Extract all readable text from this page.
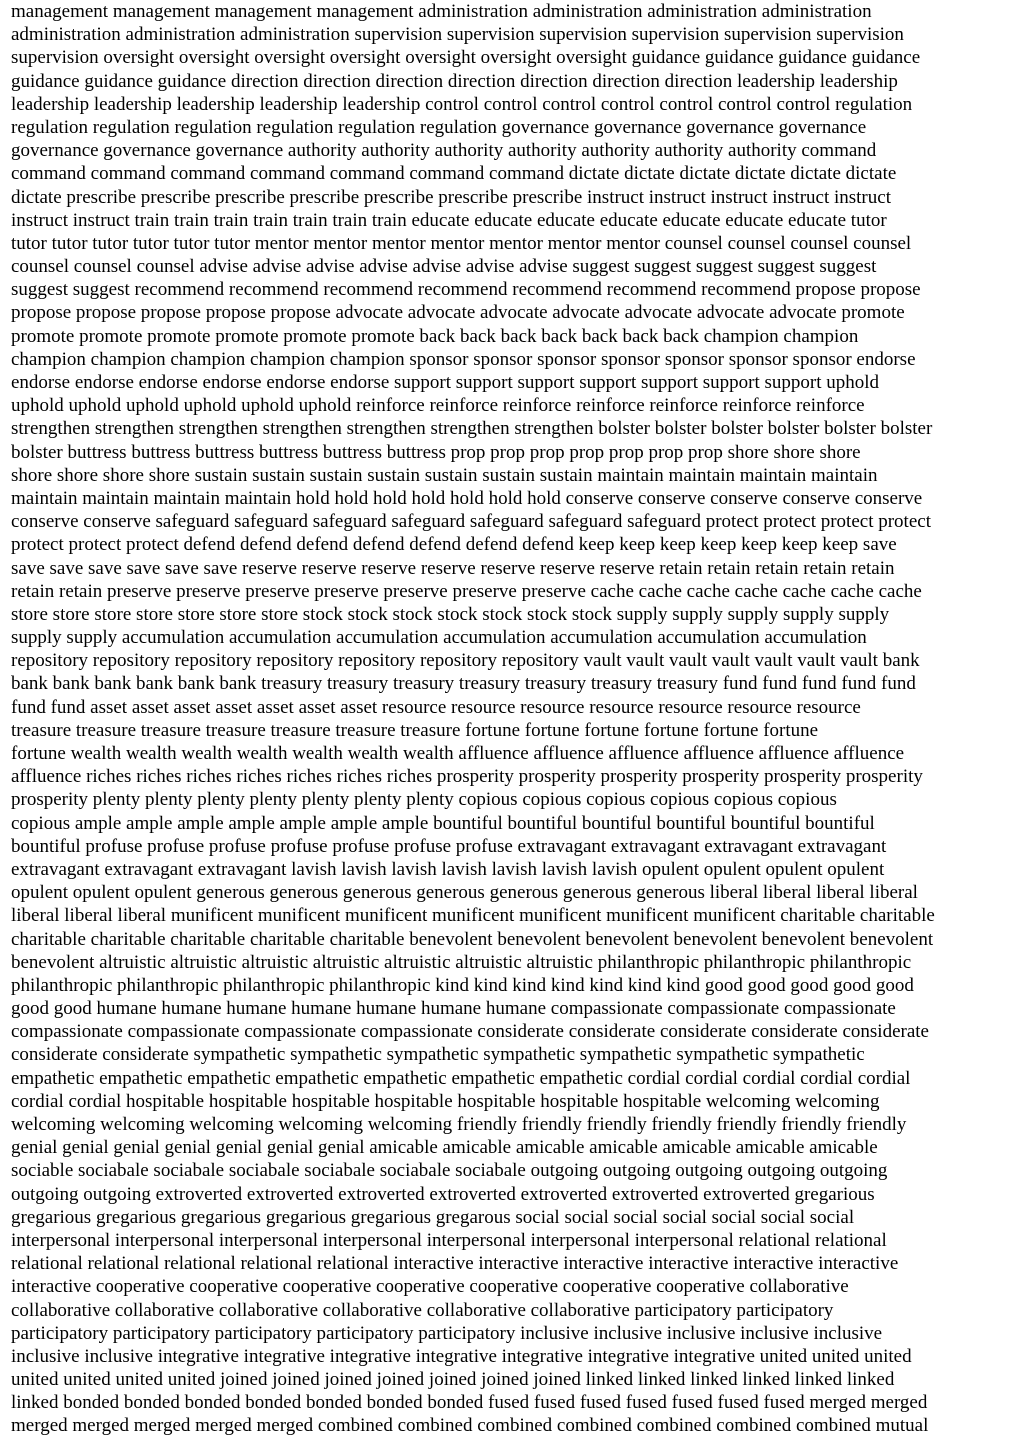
management management management management administration administration administration administration
administration administration administration supervision supervision supervision supervision supervision supervision
supervision oversight oversight oversight oversight oversight oversight oversight guidance guidance guidance guidance
guidance guidance guidance direction direction direction direction direction direction direction leadership leadership
leadership leadership leadership leadership leadership control control control control control control control regulation
regulation regulation regulation regulation regulation regulation governance governance governance governance
governance governance governance authority authority authority authority authority authority authority command
command command command command command command command dictate dictate dictate dictate dictate dictate
dictate prescribe prescribe prescribe prescribe prescribe prescribe prescribe instruct instruct instruct instruct instruct
instruct instruct train train train train train train train educate educate educate educate educate educate educate tutor
tutor tutor tutor tutor tutor tutor mentor mentor mentor mentor mentor mentor mentor counsel counsel counsel counsel
counsel counsel counsel advise advise advise advise advise advise advise suggest suggest suggest suggest suggest
suggest suggest recommend recommend recommend recommend recommend recommend recommend propose propose
propose propose propose propose propose advocate advocate advocate advocate advocate advocate advocate promote
promote promote promote promote promote promote back back back back back back back champion champion
champion champion champion champion champion sponsor sponsor sponsor sponsor sponsor sponsor sponsor endorse
endorse endorse endorse endorse endorse endorse support support support support support support support uphold
uphold uphold uphold uphold uphold uphold reinforce reinforce reinforce reinforce reinforce reinforce reinforce
strengthen strengthen strengthen strengthen strengthen strengthen strengthen bolster bolster bolster bolster bolster bolster
bolster buttress buttress buttress buttress buttress buttress prop prop prop prop prop prop prop shore shore shore
shore shore shore shore sustain sustain sustain sustain sustain sustain sustain maintain maintain maintain maintain
maintain maintain maintain maintain hold hold hold hold hold hold hold conserve conserve conserve conserve conserve
conserve conserve safeguard safeguard safeguard safeguard safeguard safeguard safeguard protect protect protect protect
protect protect protect defend defend defend defend defend defend defend keep keep keep keep keep keep keep save
save save save save save save reserve reserve reserve reserve reserve reserve reserve retain retain retain retain retain
retain retain preserve preserve preserve preserve preserve preserve preserve cache cache cache cache cache cache cache
store store store store store store store stock stock stock stock stock stock stock supply supply supply supply supply
supply supply accumulation accumulation accumulation accumulation accumulation accumulation accumulation
repository repository repository repository repository repository repository vault vault vault vault vault vault vault bank
bank bank bank bank bank bank treasury treasury treasury treasury treasury treasury treasury fund fund fund fund fund
fund fund asset asset asset asset asset asset asset resource resource resource resource resource resource resource
treasure treasure treasure treasure treasure treasure treasure fortune fortune fortune fortune fortune fortune
fortune wealth wealth wealth wealth wealth wealth wealth affluence affluence affluence affluence affluence affluence
affluence riches riches riches riches riches riches riches prosperity prosperity prosperity prosperity prosperity prosperity
prosperity plenty plenty plenty plenty plenty plenty plenty copious copious copious copious copious copious
copious ample ample ample ample ample ample ample bountiful bountiful bountiful bountiful bountiful bountiful
bountiful profuse profuse profuse profuse profuse profuse profuse extravagant extravagant extravagant extravagant
extravagant extravagant extravagant lavish lavish lavish lavish lavish lavish lavish opulent opulent opulent opulent
opulent opulent opulent generous generous generous generous generous generous generous liberal liberal liberal liberal
liberal liberal liberal munificent munificent munificent munificent munificent munificent munificent charitable charitable
charitable charitable charitable charitable charitable benevolent benevolent benevolent benevolent benevolent benevolent
benevolent altruistic altruistic altruistic altruistic altruistic altruistic altruistic philanthropic philanthropic philanthropic
philanthropic philanthropic philanthropic philanthropic kind kind kind kind kind kind kind good good good good good
good good humane humane humane humane humane humane humane compassionate compassionate compassionate
compassionate compassionate compassionate compassionate considerate considerate considerate considerate considerate
considerate considerate sympathetic sympathetic sympathetic sympathetic sympathetic sympathetic sympathetic
empathetic empathetic empathetic empathetic empathetic empathetic empathetic cordial cordial cordial cordial cordial
cordial cordial hospitable hospitable hospitable hospitable hospitable hospitable hospitable welcoming welcoming
welcoming welcoming welcoming welcoming welcoming friendly friendly friendly friendly friendly friendly friendly
genial genial genial genial genial genial genial amicable amicable amicable amicable amicable amicable amicable
sociable sociabale sociabale sociabale sociabale sociabale sociabale outgoing outgoing outgoing outgoing outgoing
outgoing outgoing extroverted extroverted extroverted extroverted extroverted extroverted extroverted gregarious
gregarious gregarious gregarious gregarious gregarious gregarous social social social social social social social
interpersonal interpersonal interpersonal interpersonal interpersonal interpersonal interpersonal relational relational
relational relational relational relational relational interactive interactive interactive interactive interactive interactive
interactive cooperative cooperative cooperative cooperative cooperative cooperative cooperative collaborative
collaborative collaborative collaborative collaborative collaborative collaborative participatory participatory
participatory participatory participatory participatory participatory inclusive inclusive inclusive inclusive inclusive
inclusive inclusive integrative integrative integrative integrative integrative integrative integrative united united united
united united united united joined joined joined joined joined joined joined linked linked linked linked linked linked
linked bonded bonded bonded bonded bonded bonded bonded fused fused fused fused fused fused fused merged merged
merged merged merged merged merged combined combined combined combined combined combined combined mutual
